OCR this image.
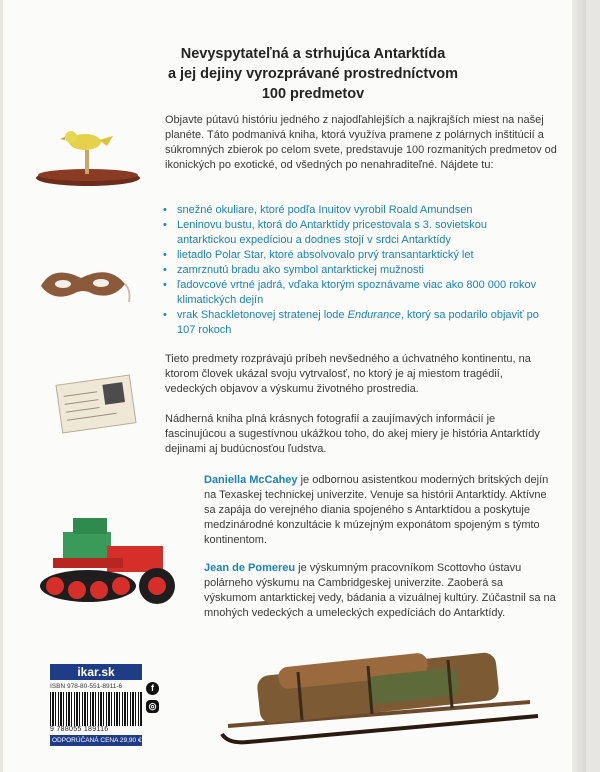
Nevyspytateľná a strhujúca Antarktída
a jej dejiny vyrozprávané prostredníctvom
100 predmetov
Objavte pútavú históriu jedného z najodľahlejších a najkrajších miest na našej planéte. Táto podmanivá kniha, ktorá využíva pramene z polárnych inštitúcií a súkromných zbierok po celom svete, predstavuje 100 rozmanitých predmetov od ikonických po exotické, od všedných po nenahraditeľné. Nájdete tu:
• snežné okuliare, ktoré podľa Inuitov vyrobil Roald Amundsen
• Leninovu bustu, ktorá do Antarktídy pricestovala s 3. sovietskou antarktickou expedíciou a dodnes stojí v srdci Antarktídy
• lietadlo Polar Star, ktoré absolvovalo prvý transantarktický let
• zamrznutú bradu ako symbol antarktickej mužnosti
• ľadovcové vrtné jadrá, vďaka ktorým spoznávame viac ako 800 000 rokov klimatických dejín
• vrak Shackletonovej stratenej lode Endurance, ktorý sa podarilo objaviť po 107 rokoch
Tieto predmety rozprávajú príbeh nevšedného a úchvatného kontinentu, na ktorom človek ukázal svoju vytrvalosť, no ktorý je aj miestom tragédií, vedeckých objavov a výskumu životného prostredia.
Nádherná kniha plná krásnych fotografií a zaujímavých informácií je fascinujúcou a sugestívnou ukážkou toho, do akej miery je história Antarktídy dejinami aj budúcnosťou ľudstva.
Daniella McCahey je odbornou asistentkou moderných britských dejín na Texaskej technickej univerzite. Venuje sa histórii Antarktídy. Aktívne sa zapája do verejného diania spojeného s Antarktídou a poskytuje medzinárodné konzultácie k múzejným exponátom spojeným s týmto kontinentom.
Jean de Pomereu je výskumným pracovníkom Scottovho ústavu polárneho výskumu na Cambridgeskej univerzite. Zaoberá sa výskumom antarktickej vedy, bádania a vizuálnej kultúry. Zúčastnil sa na mnohých vedeckých a umeleckých expedíciách do Antarktídy.
ikar.sk
ISBN 978-80-551-8911-6
9 788055 189116
ODPORÚČANÁ CENA 29,90 €
f
◎
